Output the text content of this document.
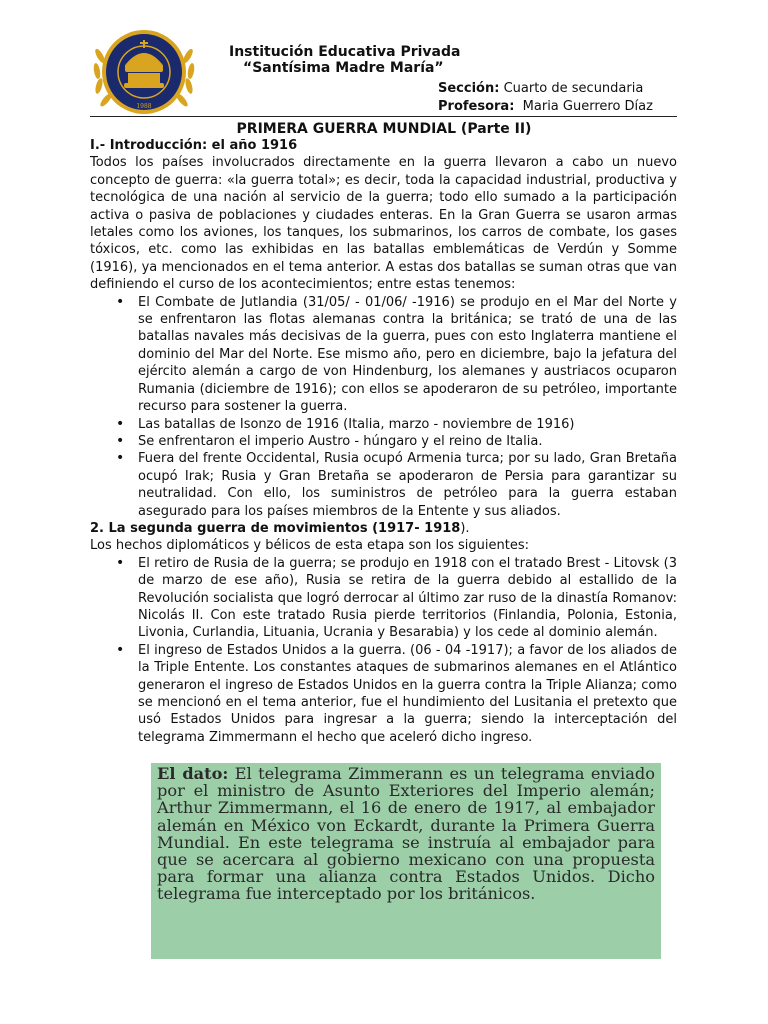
1988
Institución Educativa Privada
“Santísima Madre María”
Sección: Cuarto de secundaria
Profesora: Maria Guerrero Díaz
PRIMERA GUERRA MUNDIAL (Parte II)
I.- Introducción: el año 1916

Todos los países involucrados directamente en la guerra llevaron a cabo un nuevo concepto de guerra: «la guerra total»; es decir, toda la capacidad industrial, productiva y tecnológica de una nación al servicio de la guerra; todo ello sumado a la participación activa o pasiva de poblaciones y ciudades enteras. En la Gran Guerra se usaron armas letales como los aviones, los tanques, los submarinos, los carros de combate, los gases tóxicos, etc. como las exhibidas en las batallas emblemáticas de Verdún y Somme (1916), ya mencionados en el tema anterior. A estas dos batallas se suman otras que van definiendo el curso de los acontecimientos; entre estas tenemos:

• El Combate de Jutlandia (31/05/ - 01/06/ -1916) se produjo en el Mar del Norte y se enfrentaron las flotas alemanas contra la británica; se trató de una de las batallas navales más decisivas de la guerra, pues con esto Inglaterra mantiene el dominio del Mar del Norte. Ese mismo año, pero en diciembre, bajo la jefatura del ejército alemán a cargo de von Hindenburg, los alemanes y austriacos ocuparon Rumania (diciembre de 1916); con ellos se apoderaron de su petróleo, importante recurso para sostener la guerra.
• Las batallas de Isonzo de 1916 (Italia, marzo - noviembre de 1916)
• Se enfrentaron el imperio Austro - húngaro y el reino de Italia.
• Fuera del frente Occidental, Rusia ocupó Armenia turca; por su lado, Gran Bretaña ocupó Irak; Rusia y Gran Bretaña se apoderaron de Persia para garantizar su neutralidad. Con ello, los suministros de petróleo para la guerra estaban asegurado para los países miembros de la Entente y sus aliados.
2. La segunda guerra de movimientos (1917- 1918).

Los hechos diplomáticos y bélicos de esta etapa son los siguientes:

• El retiro de Rusia de la guerra; se produjo en 1918 con el tratado Brest - Litovsk (3 de marzo de ese año), Rusia se retira de la guerra debido al estallido de la Revolución socialista que logró derrocar al último zar ruso de la dinastía Romanov: Nicolás II. Con este tratado Rusia pierde territorios (Finlandia, Polonia, Estonia, Livonia, Curlandia, Lituania, Ucrania y Besarabia) y los cede al dominio alemán.
• El ingreso de Estados Unidos a la guerra. (06 - 04 -1917); a favor de los aliados de la Triple Entente. Los constantes ataques de submarinos alemanes en el Atlántico generaron el ingreso de Estados Unidos en la guerra contra la Triple Alianza; como se mencionó en el tema anterior, fue el hundimiento del Lusitania el pretexto que usó Estados Unidos para ingresar a la guerra; siendo la interceptación del telegrama Zimmermann el hecho que aceleró dicho ingreso.
El dato: El telegrama Zimmerann es un telegrama enviado por el ministro de Asunto Exteriores del Imperio alemán; Arthur Zimmermann, el 16 de enero de 1917, al embajador alemán en México von Eckardt, durante la Primera Guerra Mundial. En este telegrama se instruía al embajador para que se acercara al gobierno mexicano con una propuesta para formar una alianza contra Estados Unidos. Dicho telegrama fue interceptado por los británicos.
